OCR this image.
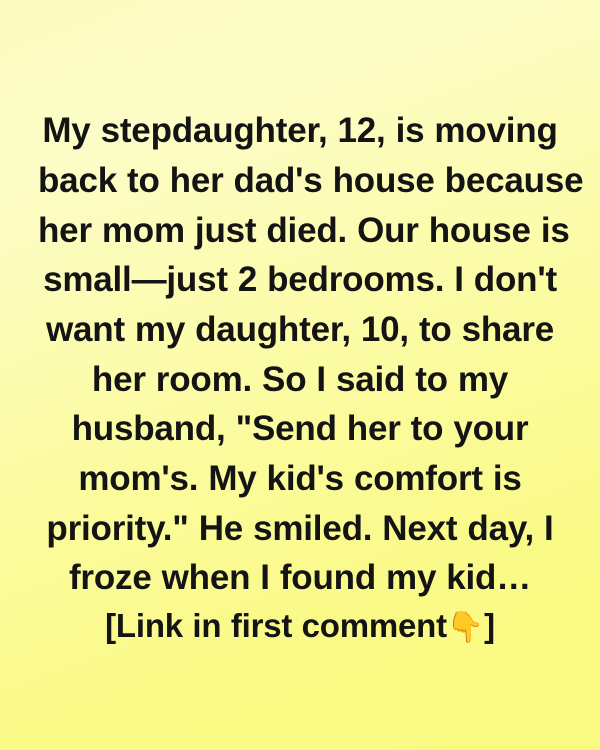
My stepdaughter, 12, is moving
back to her dad's house because
her mom just died. Our house is
small—just 2 bedrooms. I don't
want my daughter, 10, to share
her room. So I said to my
husband, "Send her to your
mom's. My kid's comfort is
priority." He smiled. Next day, I
froze when I found my kid…
[Link in first comment👇]
